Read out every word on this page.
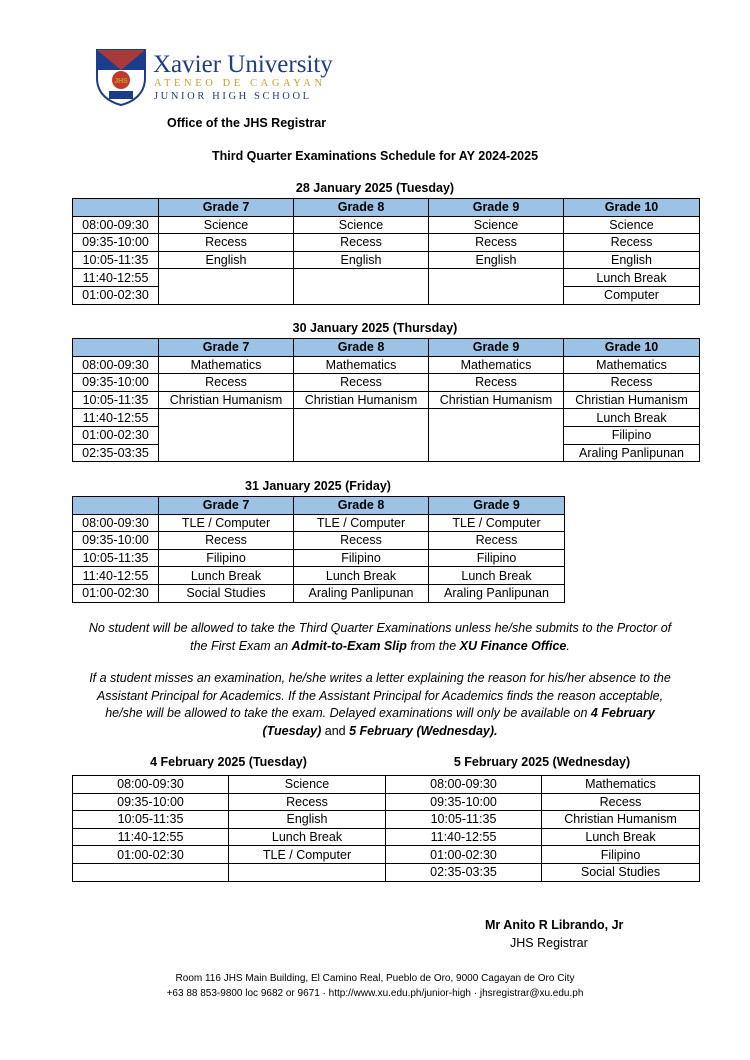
JHS
Xavier University
ATENEO DE CAGAYAN
JUNIOR HIGH SCHOOL
Office of the JHS Registrar
Third Quarter Examinations Schedule for AY 2024-2025
28 January 2025 (Tuesday)
	Grade 7	Grade 8	Grade 9	Grade 10
08:00-09:30	Science	Science	Science	Science
09:35-10:00	Recess	Recess	Recess	Recess
10:05-11:35	English	English	English	English
11:40-12:55				Lunch Break
01:00-02:30				Computer
30 January 2025 (Thursday)
	Grade 7	Grade 8	Grade 9	Grade 10
08:00-09:30	Mathematics	Mathematics	Mathematics	Mathematics
09:35-10:00	Recess	Recess	Recess	Recess
10:05-11:35	Christian Humanism	Christian Humanism	Christian Humanism	Christian Humanism
11:40-12:55				Lunch Break
01:00-02:30				Filipino
02:35-03:35				Araling Panlipunan
31 January 2025 (Friday)
	Grade 7	Grade 8	Grade 9
08:00-09:30	TLE / Computer	TLE / Computer	TLE / Computer
09:35-10:00	Recess	Recess	Recess
10:05-11:35	Filipino	Filipino	Filipino
11:40-12:55	Lunch Break	Lunch Break	Lunch Break
01:00-02:30	Social Studies	Araling Panlipunan	Araling Panlipunan
No student will be allowed to take the Third Quarter Examinations unless he/she submits to the Proctor of the First Exam an Admit-to-Exam Slip from the XU Finance Office.
If a student misses an examination, he/she writes a letter explaining the reason for his/her absence to the Assistant Principal for Academics. If the Assistant Principal for Academics finds the reason acceptable, he/she will be allowed to take the exam. Delayed examinations will only be available on 4 February (Tuesday) and 5 February (Wednesday).
4 February 2025 (Tuesday)	5 February 2025 (Wednesday)
08:00-09:30	Science	08:00-09:30	Mathematics
09:35-10:00	Recess	09:35-10:00	Recess
10:05-11:35	English	10:05-11:35	Christian Humanism
11:40-12:55	Lunch Break	11:40-12:55	Lunch Break
01:00-02:30	TLE / Computer	01:00-02:30	Filipino
		02:35-03:35	Social Studies
Mr Anito R Librando, Jr
JHS Registrar
Room 116 JHS Main Building, El Camino Real, Pueblo de Oro, 9000 Cagayan de Oro City
+63 88 853-9800 loc 9682 or 9671 · http://www.xu.edu.ph/junior-high · jhsregistrar@xu.edu.ph
